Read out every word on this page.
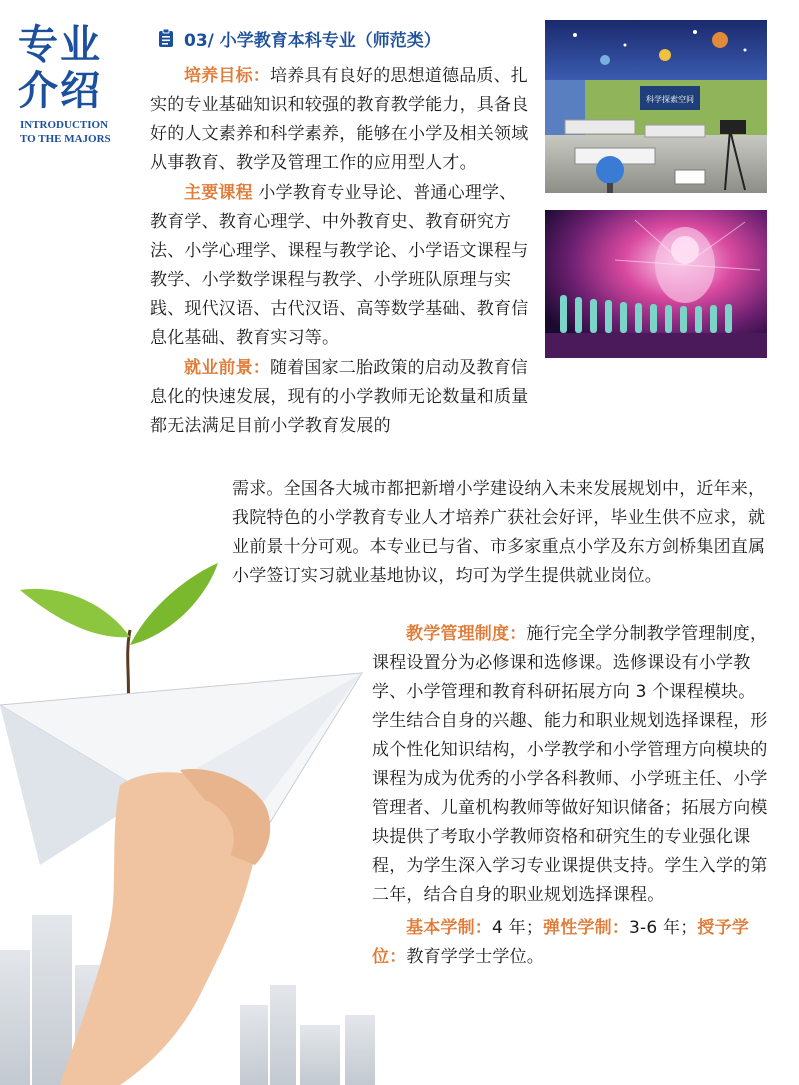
专业
介绍
INTRODUCTION
TO THE MAJORS
03/ 小学教育本科专业（师范类）
科学探索空间

培养目标：培养具有良好的思想道德品质、扎实的专业基础知识和较强的教育教学能力，具备良好的人文素养和科学素养，能够在小学及相关领域从事教育、教学及管理工作的应用型人才。

主要课程 小学教育专业导论、普通心理学、教育学、教育心理学、中外教育史、教育研究方法、小学心理学、课程与教学论、小学语文课程与教学、小学数学课程与教学、小学班队原理与实践、现代汉语、古代汉语、高等数学基础、教育信息化基础、教育实习等。

就业前景：随着国家二胎政策的启动及教育信息化的快速发展，现有的小学教师无论数量和质量都无法满足目前小学教育发展的

需求。全国各大城市都把新增小学建设纳入未来发展规划中，近年来，我院特色的小学教育专业人才培养广获社会好评，毕业生供不应求，就业前景十分可观。本专业已与省、市多家重点小学及东方剑桥集团直属小学签订实习就业基地协议，均可为学生提供就业岗位。

教学管理制度：施行完全学分制教学管理制度，课程设置分为必修课和选修课。选修课设有小学教学、小学管理和教育科研拓展方向 3 个课程模块。学生结合自身的兴趣、能力和职业规划选择课程，形成个性化知识结构，小学教学和小学管理方向模块的课程为成为优秀的小学各科教师、小学班主任、小学管理者、儿童机构教师等做好知识储备；拓展方向模块提供了考取小学教师资格和研究生的专业强化课程，为学生深入学习专业课提供支持。学生入学的第二年，结合自身的职业规划选择课程。

基本学制：4 年；弹性学制：3-6 年；授予学位：教育学学士学位。
